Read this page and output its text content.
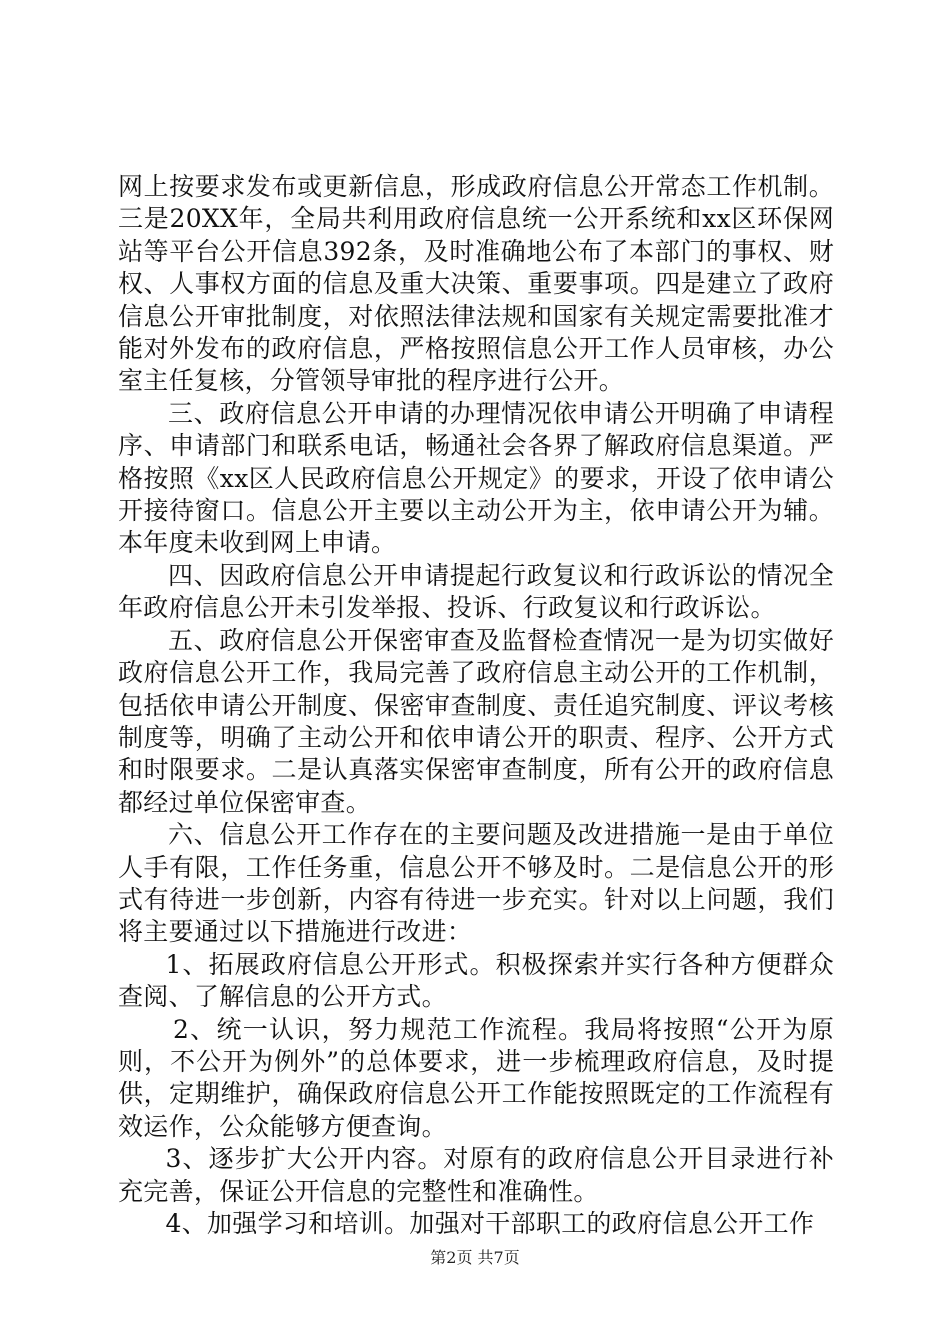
网上按要求发布或更新信息，形成政府信息公开常态工作机制。三是20XX年，全局共利用政府信息统一公开系统和xx区环保网站等平台公开信息392条，及时准确地公布了本部门的事权、财权、人事权方面的信息及重大决策、重要事项。四是建立了政府信息公开审批制度，对依照法律法规和国家有关规定需要批准才能对外发布的政府信息，严格按照信息公开工作人员审核，办公室主任复核，分管领导审批的程序进行公开。

三、政府信息公开申请的办理情况依申请公开明确了申请程序、申请部门和联系电话，畅通社会各界了解政府信息渠道。严格按照《xx区人民政府信息公开规定》的要求，开设了依申请公开接待窗口。信息公开主要以主动公开为主，依申请公开为辅。本年度未收到网上申请。

四、因政府信息公开申请提起行政复议和行政诉讼的情况全年政府信息公开未引发举报、投诉、行政复议和行政诉讼。

五、政府信息公开保密审查及监督检查情况一是为切实做好政府信息公开工作，我局完善了政府信息主动公开的工作机制，包括依申请公开制度、保密审查制度、责任追究制度、评议考核制度等，明确了主动公开和依申请公开的职责、程序、公开方式和时限要求。二是认真落实保密审查制度，所有公开的政府信息都经过单位保密审查。

六、信息公开工作存在的主要问题及改进措施一是由于单位人手有限，工作任务重，信息公开不够及时。二是信息公开的形式有待进一步创新，内容有待进一步充实。针对以上问题，我们将主要通过以下措施进行改进：

1、拓展政府信息公开形式。积极探索并实行各种方便群众查阅、了解信息的公开方式。

2、统一认识，努力规范工作流程。我局将按照“公开为原则，不公开为例外”的总体要求，进一步梳理政府信息，及时提供，定期维护，确保政府信息公开工作能按照既定的工作流程有效运作，公众能够方便查询。

3、逐步扩大公开内容。对原有的政府信息公开目录进行补充完善，保证公开信息的完整性和准确性。

4、加强学习和培训。加强对干部职工的政府信息公开工作

第2页 共7页
